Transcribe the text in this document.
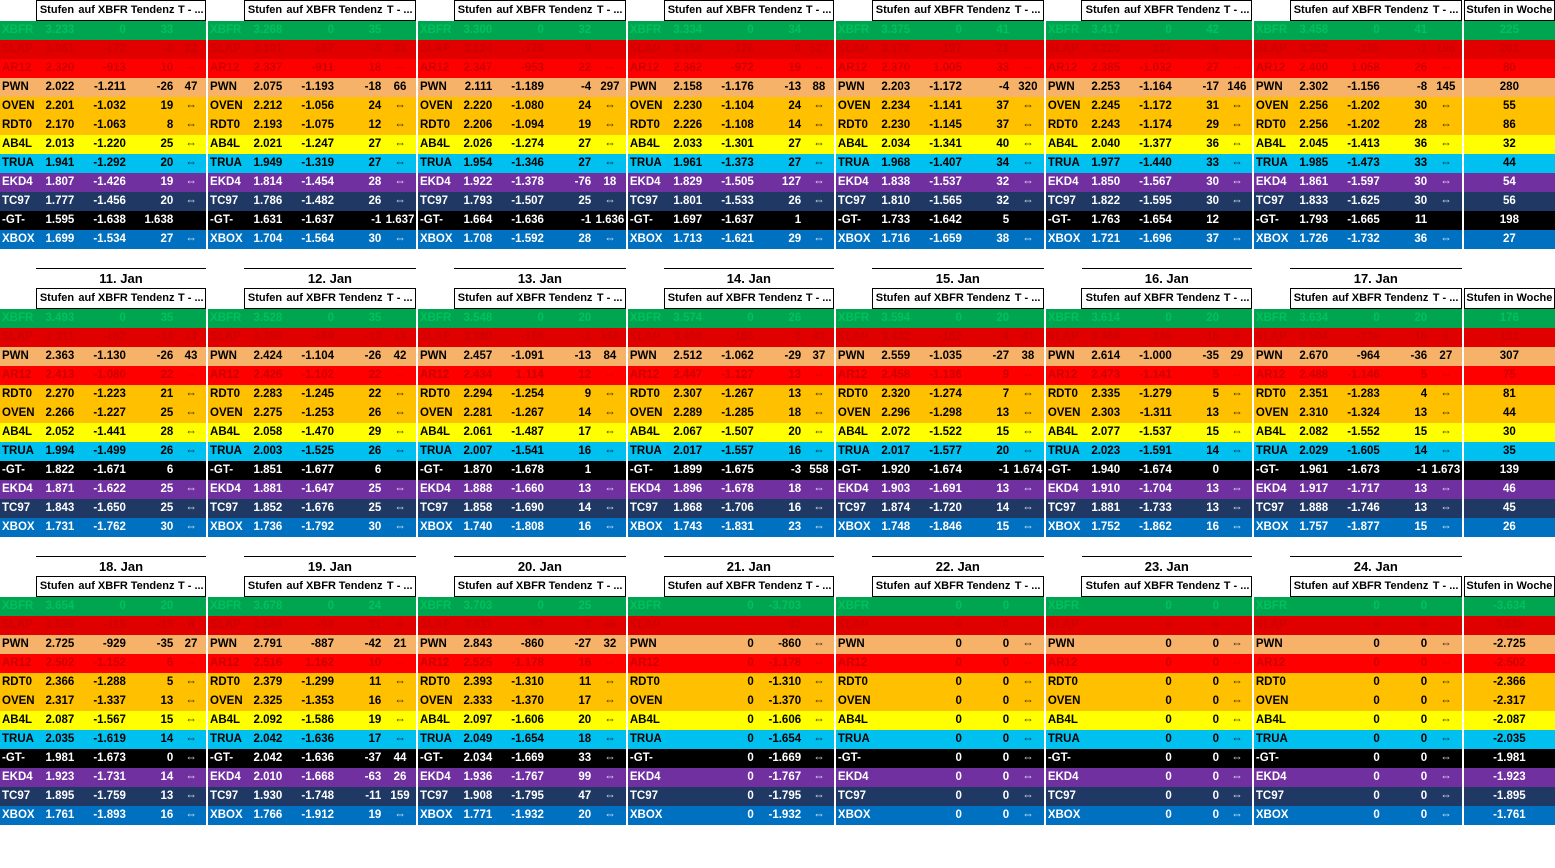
	Stufen	auf XBFR	Tendenz	T - ...			Stufen	auf XBFR	Tendenz	T - ...			Stufen	auf XBFR	Tendenz	T - ...			Stufen	auf XBFR	Tendenz	T - ...			Stufen	auf XBFR	Tendenz	T - ...			Stufen	auf XBFR	Tendenz	T - ...			Stufen	auf XBFR	Tendenz	T - ...		Stufen in Woche
XBFR	3.233	0	33			XBFR	3.268	0	35			XBFR	3.300	0	32			XBFR	3.334	0	34			XBFR	3.375	0	41			XBFR	3.417	0	42			XBFR	3.458	0	41			225
SLAP	3.061	-172	-8	22		SLAP	3.101	-167	-5	33		SLAP	3.124	-176	9			SLAP	3.158	-176	0	527		SLAP	3.178	-197	21			SLAP	3.220	197	0			SLAP	3.262	-196	-1	196		201
AR12	2.320	-913	10	⇔		AR12	2.337	-911	18	⇔		AR12	2.347	-953	22	⇔		AR12	2.362	-972	19	⇔		AR12	2.370	1.005	33	⇔		AR12	2.385	-1.032	27	⇔		AR12	2.400	1.058	26	⇔		80
PWN	2.022	-1.211	-26	47		PWN	2.075	-1.193	-18	66		PWN	2.111	-1.189	-4	297		PWN	2.158	-1.176	-13	88		PWN	2.203	-1.172	-4	320		PWN	2.253	-1.164	-17	146		PWN	2.302	-1.156	-8	145		280
OVEN	2.201	-1.032	19	⇔		OVEN	2.212	-1.056	24	⇔		OVEN	2.220	-1.080	24	⇔		OVEN	2.230	-1.104	24	⇔		OVEN	2.234	-1.141	37	⇔		OVEN	2.245	-1.172	31	⇔		OVEN	2.256	-1.202	30	⇔		55
RDT0	2.170	-1.063	8	⇔		RDT0	2.193	-1.075	12	⇔		RDT0	2.206	-1.094	19	⇔		RDT0	2.226	-1.108	14	⇔		RDT0	2.230	-1.145	37	⇔		RDT0	2.243	-1.174	29	⇔		RDT0	2.256	-1.202	28	⇔		86
AB4L	2.013	-1.220	25	⇔		AB4L	2.021	-1.247	27	⇔		AB4L	2.026	-1.274	27	⇔		AB4L	2.033	-1.301	27	⇔		AB4L	2.034	-1.341	40	⇔		AB4L	2.040	-1.377	36	⇔		AB4L	2.045	-1.413	36	⇔		32
TRUA	1.941	-1.292	20	⇔		TRUA	1.949	-1.319	27	⇔		TRUA	1.954	-1.346	27	⇔		TRUA	1.961	-1.373	27	⇔		TRUA	1.968	-1.407	34	⇔		TRUA	1.977	-1.440	33	⇔		TRUA	1.985	-1.473	33	⇔		44
EKD4	1.807	-1.426	19	⇔		EKD4	1.814	-1.454	28	⇔		EKD4	1.922	-1.378	-76	18		EKD4	1.829	-1.505	127	⇔		EKD4	1.838	-1.537	32	⇔		EKD4	1.850	-1.567	30	⇔		EKD4	1.861	-1.597	30	⇔		54
TC97	1.777	-1.456	20	⇔		TC97	1.786	-1.482	26	⇔		TC97	1.793	-1.507	25	⇔		TC97	1.801	-1.533	26	⇔		TC97	1.810	-1.565	32	⇔		TC97	1.822	-1.595	30	⇔		TC97	1.833	-1.625	30	⇔		56
-GT-	1.595	-1.638	1.638			-GT-	1.631	-1.637	-1	1.637		-GT-	1.664	-1.636	-1	1.636		-GT-	1.697	-1.637	1			-GT-	1.733	-1.642	5			-GT-	1.763	-1.654	12			-GT-	1.793	-1.665	11			198
XBOX	1.699	-1.534	27	⇔		XBOX	1.704	-1.564	30	⇔		XBOX	1.708	-1.592	28	⇔		XBOX	1.713	-1.621	29	⇔		XBOX	1.716	-1.659	38	⇔		XBOX	1.721	-1.696	37	⇔		XBOX	1.726	-1.732	36	⇔		27

	11. Jan						12. Jan						13. Jan						14. Jan						15. Jan						16. Jan						17. Jan					
	Stufen	auf XBFR	Tendenz	T - ...			Stufen	auf XBFR	Tendenz	T - ...			Stufen	auf XBFR	Tendenz	T - ...			Stufen	auf XBFR	Tendenz	T - ...			Stufen	auf XBFR	Tendenz	T - ...			Stufen	auf XBFR	Tendenz	T - ...			Stufen	auf XBFR	Tendenz	T - ...		Stufen in Woche
XBFR	3.493	0	35			XBFR	3.528	0	35			XBFR	3.548	0	20			XBFR	3.574	0	26			XBFR	3.594	0	20			XBFR	3.614	0	20			XBFR	3.634	0	20			176
SLAP	3.311	-182	-14	13		SLAP	3.359	-169	-13	13		SLAP	3.380	-168	-1	168		SLAP	3.408	-166	-2	83		SLAP	3.432	-162	-4	41		SLAP	3.468	146	-16	9		SLAP	3.504	-130	16	8		191
PWN	2.363	-1.130	-26	43		PWN	2.424	-1.104	-26	42		PWN	2.457	-1.091	-13	84		PWN	2.512	-1.062	-29	37		PWN	2.559	-1.035	-27	38		PWN	2.614	-1.000	-35	29		PWN	2.670	-964	-36	27		307
AR12	2.413	-1.080	22	⇔		AR12	2.426	-1.102	22	⇔		AR12	2.434	1.114	12	⇔		AR12	2.447	-1.127	13	⇔		AR12	2.458	-1.136	9	⇔		AR12	2.473	-1.141	5	⇔		AR12	2.488	-1.146	5	⇔		75
RDT0	2.270	-1.223	21	⇔		RDT0	2.283	-1.245	22	⇔		RDT0	2.294	-1.254	9	⇔		RDT0	2.307	-1.267	13	⇔		RDT0	2.320	-1.274	7	⇔		RDT0	2.335	-1.279	5	⇔		RDT0	2.351	-1.283	4	⇔		81
OVEN	2.266	-1.227	25	⇔		OVEN	2.275	-1.253	26	⇔		OVEN	2.281	-1.267	14	⇔		OVEN	2.289	-1.285	18	⇔		OVEN	2.296	-1.298	13	⇔		OVEN	2.303	-1.311	13	⇔		OVEN	2.310	-1.324	13	⇔		44
AB4L	2.052	-1.441	28	⇔		AB4L	2.058	-1.470	29	⇔		AB4L	2.061	-1.487	17	⇔		AB4L	2.067	-1.507	20	⇔		AB4L	2.072	-1.522	15	⇔		AB4L	2.077	-1.537	15	⇔		AB4L	2.082	-1.552	15	⇔		30
TRUA	1.994	-1.499	26	⇔		TRUA	2.003	-1.525	26	⇔		TRUA	2.007	-1.541	16	⇔		TRUA	2.017	-1.557	16	⇔		TRUA	2.017	-1.577	20	⇔		TRUA	2.023	-1.591	14	⇔		TRUA	2.029	-1.605	14	⇔		35
-GT-	1.822	-1.671	6			-GT-	1.851	-1.677	6			-GT-	1.870	-1.678	1			-GT-	1.899	-1.675	-3	558		-GT-	1.920	-1.674	-1	1.674		-GT-	1.940	-1.674	0			-GT-	1.961	-1.673	-1	1.673		139
EKD4	1.871	-1.622	25	⇔		EKD4	1.881	-1.647	25	⇔		EKD4	1.888	-1.660	13	⇔		EKD4	1.896	-1.678	18	⇔		EKD4	1.903	-1.691	13	⇔		EKD4	1.910	-1.704	13	⇔		EKD4	1.917	-1.717	13	⇔		46
TC97	1.843	-1.650	25	⇔		TC97	1.852	-1.676	25	⇔		TC97	1.858	-1.690	14	⇔		TC97	1.868	-1.706	16	⇔		TC97	1.874	-1.720	14	⇔		TC97	1.881	-1.733	13	⇔		TC97	1.888	-1.746	13	⇔		45
XBOX	1.731	-1.762	30	⇔		XBOX	1.736	-1.792	30	⇔		XBOX	1.740	-1.808	16	⇔		XBOX	1.743	-1.831	23	⇔		XBOX	1.748	-1.846	15	⇔		XBOX	1.752	-1.862	16	⇔		XBOX	1.757	-1.877	15	⇔		26

	18. Jan						19. Jan						20. Jan						21. Jan						22. Jan						23. Jan						24. Jan					
	Stufen	auf XBFR	Tendenz	T - ...			Stufen	auf XBFR	Tendenz	T - ...			Stufen	auf XBFR	Tendenz	T - ...			Stufen	auf XBFR	Tendenz	T - ...			Stufen	auf XBFR	Tendenz	T - ...			Stufen	auf XBFR	Tendenz	T - ...			Stufen	auf XBFR	Tendenz	T - ...		Stufen in Woche
XBFR	3.654	0	20			XBFR	3.678	0	24			XBFR	3.703	0	25			XBFR		0	-3.703			XBFR		0	0			XBFR		0	0			XBFR		0	0			-3.634
SLAP	3.539	-115	-15	8		SLAP	3.584	-94	21	4		SLAP	3.611	92	2	46		SLAP			92	⇔		SLAP		0	0	⇔		SLAP		0	0	⇔		SLAP		0	0	⇔		3.539
PWN	2.725	-929	-35	27		PWN	2.791	-887	-42	21		PWN	2.843	-860	-27	32		PWN		0	-860	⇔		PWN		0	0	⇔		PWN		0	0	⇔		PWN		0	0	⇔		-2.725
AR12	2.502	-1.152	6	⇔		AR12	2.516	1.162	10	⇔		AR12	2.525	-1.178	16	⇔		AR12		0	-1.178	⇔		AR12		0	0	⇔		AR12		0	0	⇔		AR12		0	0	⇔		-2.502
RDT0	2.366	-1.288	5	⇔		RDT0	2.379	-1.299	11	⇔		RDT0	2.393	-1.310	11	⇔		RDT0		0	-1.310	⇔		RDT0		0	0	⇔		RDT0		0	0	⇔		RDT0		0	0	⇔		-2.366
OVEN	2.317	-1.337	13	⇔		OVEN	2.325	-1.353	16	⇔		OVEN	2.333	-1.370	17	⇔		OVEN		0	-1.370	⇔		OVEN		0	0	⇔		OVEN		0	0	⇔		OVEN		0	0	⇔		-2.317
AB4L	2.087	-1.567	15	⇔		AB4L	2.092	-1.586	19	⇔		AB4L	2.097	-1.606	20	⇔		AB4L		0	-1.606	⇔		AB4L		0	0	⇔		AB4L		0	0	⇔		AB4L		0	0	⇔		-2.087
TRUA	2.035	-1.619	14	⇔		TRUA	2.042	-1.636	17	⇔		TRUA	2.049	-1.654	18	⇔		TRUA		0	-1.654	⇔		TRUA		0	0	⇔		TRUA		0	0	⇔		TRUA		0	0	⇔		-2.035
-GT-	1.981	-1.673	0	⇔		-GT-	2.042	-1.636	-37	44		-GT-	2.034	-1.669	33	⇔		-GT-		0	-1.669	⇔		-GT-		0	0	⇔		-GT-		0	0	⇔		-GT-		0	0	⇔		-1.981
EKD4	1.923	-1.731	14	⇔		EKD4	2.010	-1.668	-63	26		EKD4	1.936	-1.767	99	⇔		EKD4		0	-1.767	⇔		EKD4		0	0	⇔		EKD4		0	0	⇔		EKD4		0	0	⇔		-1.923
TC97	1.895	-1.759	13	⇔		TC97	1.930	-1.748	-11	159		TC97	1.908	-1.795	47	⇔		TC97		0	-1.795	⇔		TC97		0	0	⇔		TC97		0	0	⇔		TC97		0	0	⇔		-1.895
XBOX	1.761	-1.893	16	⇔		XBOX	1.766	-1.912	19	⇔		XBOX	1.771	-1.932	20	⇔		XBOX		0	-1.932	⇔		XBOX		0	0	⇔		XBOX		0	0	⇔		XBOX		0	0	⇔		-1.761
